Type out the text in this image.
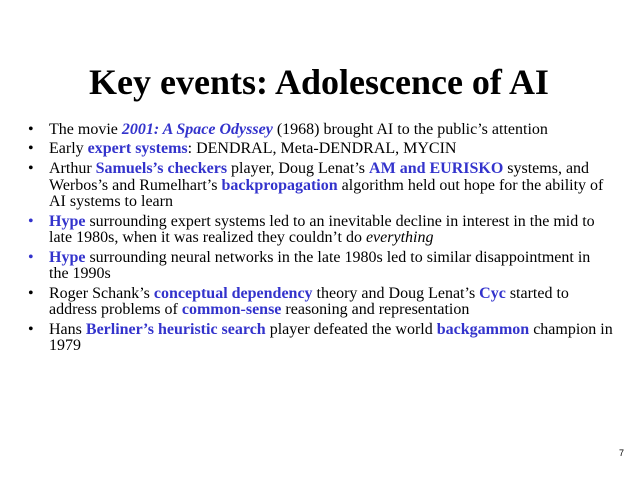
Key events: Adolescence of AI
• The movie 2001: A Space Odyssey (1968) brought AI to the public’s attention
• Early expert systems: DENDRAL, Meta-DENDRAL, MYCIN
• Arthur Samuels’s checkers player, Doug Lenat’s AM and EURISKO systems, and Werbos’s and Rumelhart’s backpropagation algorithm held out hope for the ability of AI systems to learn
• Hype surrounding expert systems led to an inevitable decline in interest in the mid to late 1980s, when it was realized they couldn’t do everything
• Hype surrounding neural networks in the late 1980s led to similar disappointment in the 1990s
• Roger Schank’s conceptual dependency theory and Doug Lenat’s Cyc started to address problems of common-sense reasoning and representation
• Hans Berliner’s heuristic search player defeated the world backgammon champion in 1979
7
